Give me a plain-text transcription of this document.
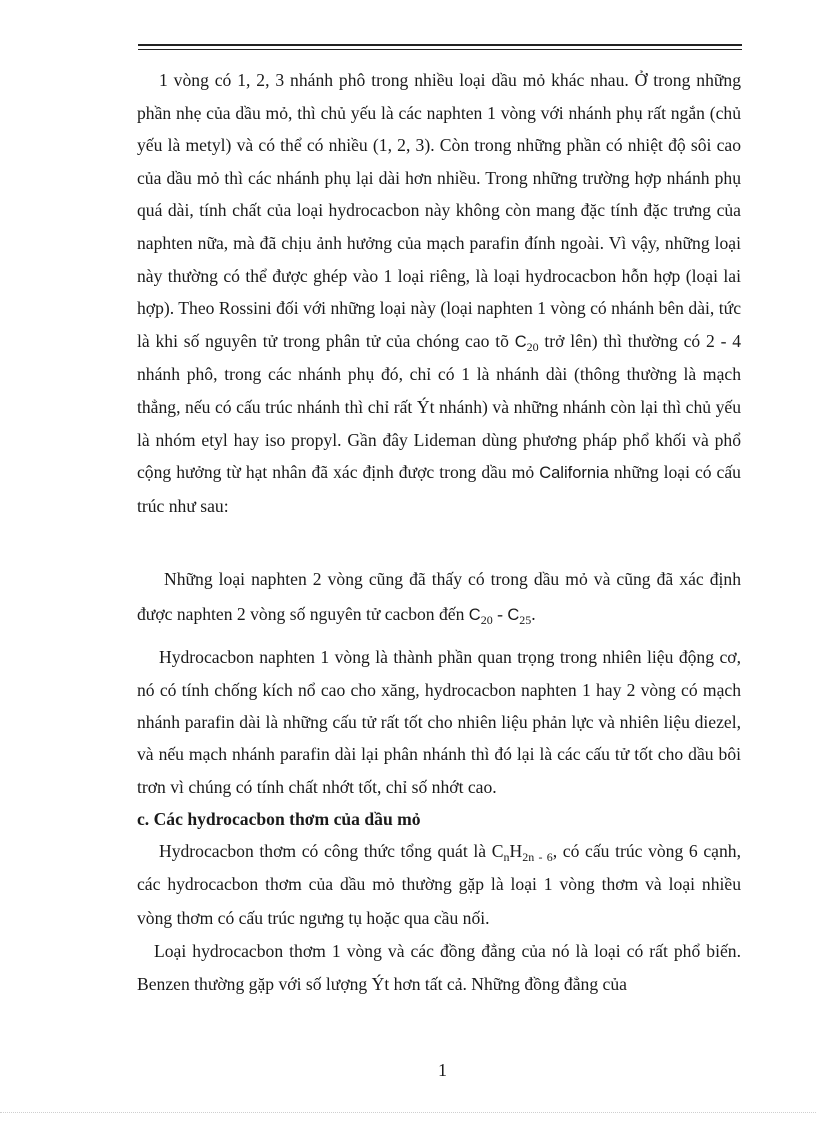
1 vòng có 1, 2, 3 nhánh phô trong nhiều loại dầu mỏ khác nhau. Ở trong những phần nhẹ của dầu mỏ, thì chủ yếu là các naphten 1 vòng với nhánh phụ rất ngắn (chủ yếu là metyl) và có thể có nhiều (1, 2, 3). Còn trong những phần có nhiệt độ sôi cao của dầu mỏ thì các nhánh phụ lại dài hơn nhiều. Trong những trường hợp nhánh phụ quá dài, tính chất của loại hydrocacbon này không còn mang đặc tính đặc trưng của naphten nữa, mà đã chịu ảnh hưởng của mạch parafin đính ngoài. Vì vậy, những loại này thường có thể được ghép vào 1 loại riêng, là loại hydrocacbon hỗn hợp (loại lai hợp). Theo Rossini đối với những loại này (loại naphten 1 vòng có nhánh bên dài, tức là khi số nguyên tử trong phân tử của chóng cao tõ $C_{20}$ trở lên) thì thường có 2 - 4 nhánh phô, trong các nhánh phụ đó, chỉ có 1 là nhánh dài (thông thường là mạch thẳng, nếu có cấu trúc nhánh thì chỉ rất Ýt nhánh) và những nhánh còn lại thì chủ yếu là nhóm etyl hay iso propyl. Gần đây Lideman dùng phương pháp phổ khối và phổ cộng hưởng từ hạt nhân đã xác định được trong dầu mỏ California những loại có cấu trúc như sau:

Những loại naphten 2 vòng cũng đã thấy có trong dầu mỏ và cũng đã xác định được naphten 2 vòng số nguyên tử cacbon đến $C_{20} - C_{25}$.

Hydrocacbon naphten 1 vòng là thành phần quan trọng trong nhiên liệu động cơ, nó có tính chống kích nổ cao cho xăng, hydrocacbon naphten 1 hay 2 vòng có mạch nhánh parafin dài là những cấu tử rất tốt cho nhiên liệu phản lực và nhiên liệu diezel, và nếu mạch nhánh parafin dài lại phân nhánh thì đó lại là các cấu tử tốt cho dầu bôi trơn vì chúng có tính chất nhớt tốt, chỉ số nhớt cao.

c. Các hydrocacbon thơm của dầu mỏ

Hydrocacbon thơm có công thức tổng quát là $C_nH_{2n - 6}$, có cấu trúc vòng 6 cạnh, các hydrocacbon thơm của dầu mỏ thường gặp là loại 1 vòng thơm và loại nhiều vòng thơm có cấu trúc ngưng tụ hoặc qua cầu nối.

Loại hydrocacbon thơm 1 vòng và các đồng đẳng của nó là loại có rất phổ biến. Benzen thường gặp với số lượng Ýt hơn tất cả. Những đồng đẳng của

1
